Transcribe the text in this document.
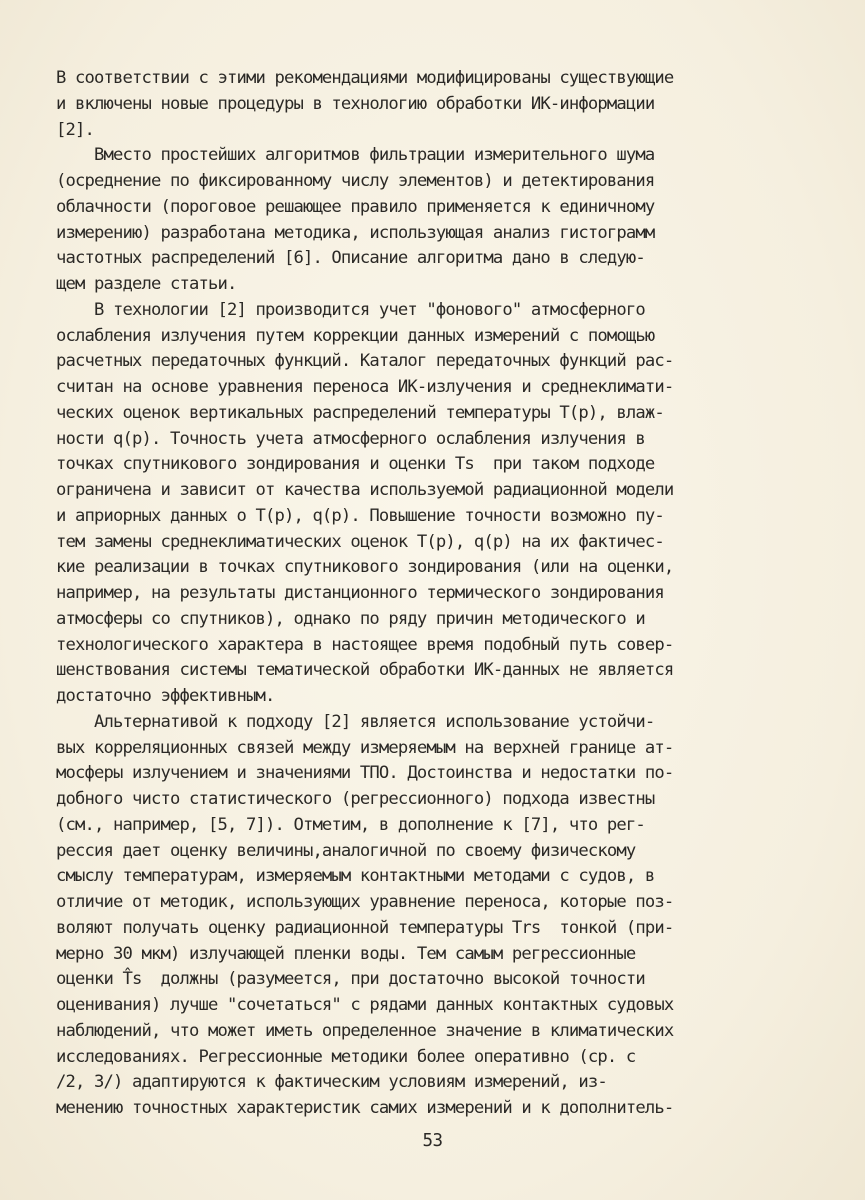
В соответствии с этими рекомендациями модифицированы существующие
и включены новые процедуры в технологию обработки ИК-информации
[2].
Вместо простейших алгоритмов фильтрации измерительного шума
(осреднение по фиксированному числу элементов) и детектирования
облачности (пороговое решающее правило применяется к единичному
измерению) разработана методика, использующая анализ гистограмм
частотных распределений [6]. Описание алгоритма дано в следую-
щем разделе статьи.
В технологии [2] производится учет "фонового" атмосферного
ослабления излучения путем коррекции данных измерений с помощью
расчетных передаточных функций. Каталог передаточных функций рас-
считан на основе уравнения переноса ИК-излучения и среднеклимати-
ческих оценок вертикальных распределений температуры T(p), влаж-
ности q(p). Точность учета атмосферного ослабления излучения в
точках спутникового зондирования и оценки Ts  при таком подходе
ограничена и зависит от качества используемой радиационной модели
и априорных данных о T(p), q(p). Повышение точности возможно пу-
тем замены среднеклиматических оценок T(p), q(p) на их фактичес-
кие реализации в точках спутникового зондирования (или на оценки,
например, на результаты дистанционного термического зондирования
атмосферы со спутников), однако по ряду причин методического и
технологического характера в настоящее время подобный путь совер-
шенствования системы тематической обработки ИК-данных не является
достаточно эффективным.
Альтернативой к подходу [2] является использование устойчи-
вых корреляционных связей между измеряемым на верхней границе ат-
мосферы излучением и значениями ТПО. Достоинства и недостатки по-
добного чисто статистического (регрессионного) подхода известны
(см., например, [5, 7]). Отметим, в дополнение к [7], что рег-
рессия дает оценку величины,аналогичной по своему физическому
смыслу температурам, измеряемым контактными методами с судов, в
отличие от методик, использующих уравнение переноса, которые поз-
воляют получать оценку радиационной температуры Trs  тонкой (при-
мерно 30 мкм) излучающей пленки воды. Тем самым регрессионные
оценки T̂s  должны (разумеется, при достаточно высокой точности
оценивания) лучше "сочетаться" с рядами данных контактных судовых
наблюдений, что может иметь определенное значение в климатических
исследованиях. Регрессионные методики более оперативно (ср. с
/2, 3/) адаптируются к фактическим условиям измерений, из-
менению точностных характеристик самих измерений и к дополнитель-
53
